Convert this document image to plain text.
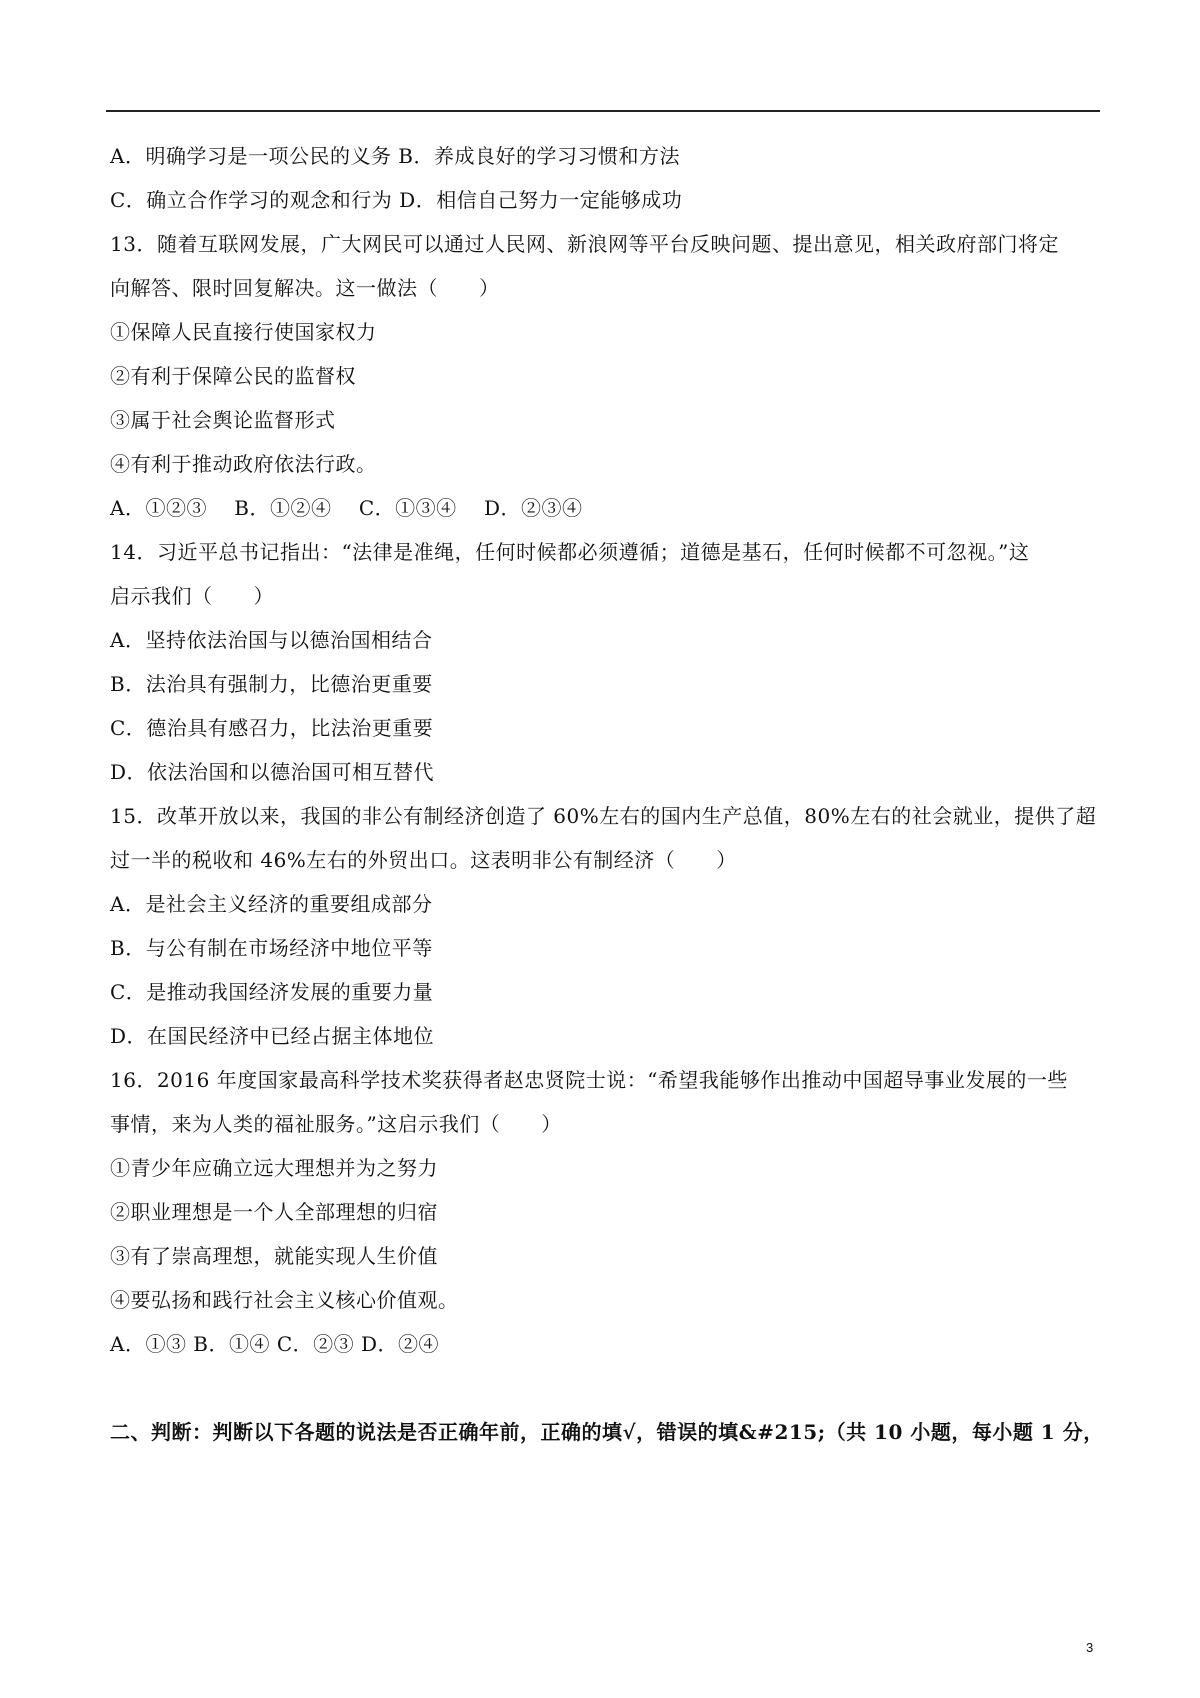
A．明确学习是一项公民的义务 B．养成良好的学习习惯和方法
C．确立合作学习的观念和行为 D．相信自己努力一定能够成功
13．随着互联网发展，广大网民可以通过人民网、新浪网等平台反映问题、提出意见，相关政府部门将定
向解答、限时回复解决。这一做法（　　）
①保障人民直接行使国家权力
②有利于保障公民的监督权
③属于社会舆论监督形式
④有利于推动政府依法行政。
A．①②③　 B．①②④　 C．①③④　 D．②③④
14．习近平总书记指出：“法律是准绳，任何时候都必须遵循；道德是基石，任何时候都不可忽视。”这
启示我们（　　）
A．坚持依法治国与以德治国相结合
B．法治具有强制力，比德治更重要
C．德治具有感召力，比法治更重要
D．依法治国和以德治国可相互替代
15．改革开放以来，我国的非公有制经济创造了 60%左右的国内生产总值，80%左右的社会就业，提供了超
过一半的税收和 46%左右的外贸出口。这表明非公有制经济（　　）
A．是社会主义经济的重要组成部分
B．与公有制在市场经济中地位平等
C．是推动我国经济发展的重要力量
D．在国民经济中已经占据主体地位
16．2016 年度国家最高科学技术奖获得者赵忠贤院士说：“希望我能够作出推动中国超导事业发展的一些
事情，来为人类的福祉服务。”这启示我们（　　）
①青少年应确立远大理想并为之努力
②职业理想是一个人全部理想的归宿
③有了崇高理想，就能实现人生价值
④要弘扬和践行社会主义核心价值观。
A．①③ B．①④ C．②③ D．②④
二、判断：判断以下各题的说法是否正确年前，正确的填√，错误的填&#215;（共 10 小题，每小题 1 分，
3
